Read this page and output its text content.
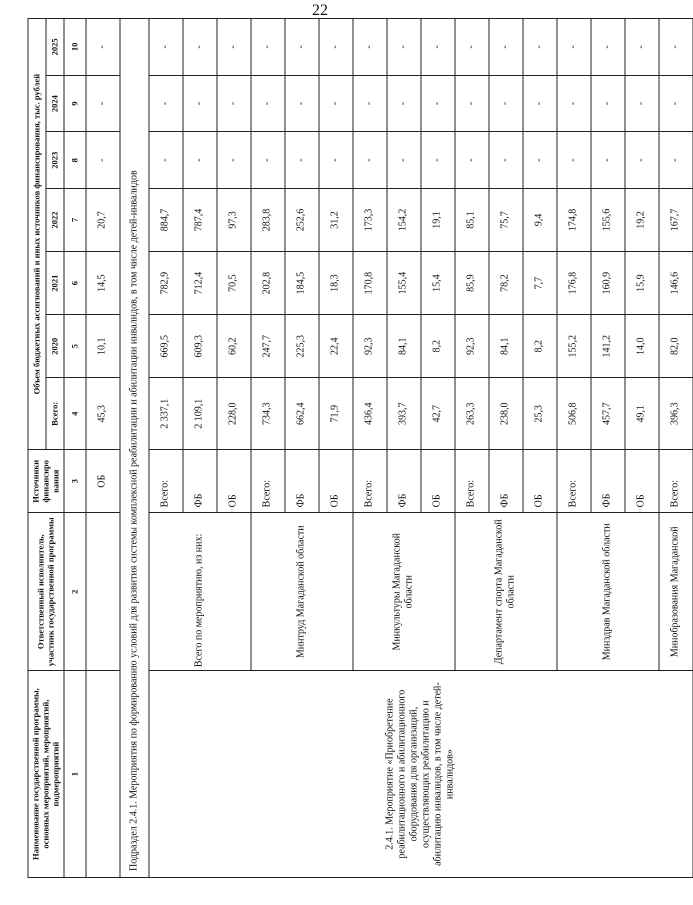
22
Наименование государственной программы, основных мероприятий, мероприятий, подмероприятий	Ответственный исполнитель, участник государственной программы	Источники финансиро вания	Объем бюджетных ассигнований и иных источников финансирования, тыс. рублей						
			Всего:	2020	2021	2022	2023	2024	2025
1	2	3	4	5	6	7	8	9	10
		ОБ	45,3	10,1	14,5	20,7	-	-	-
Подраздел 2.4.1. Мероприятия по формированию условий для развития системы комплексной реабилитации и абилитации инвалидов, в том числе детей-инвалидов									
2.4.1. Мероприятие «Приобретение реабилитационного и абилитационного оборудования для организаций, осуществляющих реабилитацию и абилитацию инвалидов, в том числе детей-инвалидов»	Всего по мероприятию, из них:	Всего:	2 337,1	669,5	782,9	884,7	-	-	-
		ФБ	2 109,1	609,3	712,4	787,4	-	-	-
		ОБ	228,0	60,2	70,5	97,3	-	-	-
	Минтруд Магаданской области	Всего:	734,3	247,7	202,8	283,8	-	-	-
		ФБ	662,4	225,3	184,5	252,6	-	-	-
		ОБ	71,9	22,4	18,3	31,2	-	-	-
	Минкультуры Магаданской области	Всего:	436,4	92,3	170,8	173,3	-	-	-
		ФБ	393,7	84,1	155,4	154,2	-	-	-
		ОБ	42,7	8,2	15,4	19,1	-	-	-
	Департамент спорта Магаданской области	Всего:	263,3	92,3	85,9	85,1	-	-	-
		ФБ	238,0	84,1	78,2	75,7	-	-	-
		ОБ	25,3	8,2	7,7	9,4	-	-	-
	Минздрав Магаданской области	Всего:	506,8	155,2	176,8	174,8	-	-	-
		ФБ	457,7	141,2	160,9	155,6	-	-	-
		ОБ	49,1	14,0	15,9	19,2	-	-	-
	Минобразования Магаданской	Всего:	396,3	82,0	146,6	167,7	-	-	-
